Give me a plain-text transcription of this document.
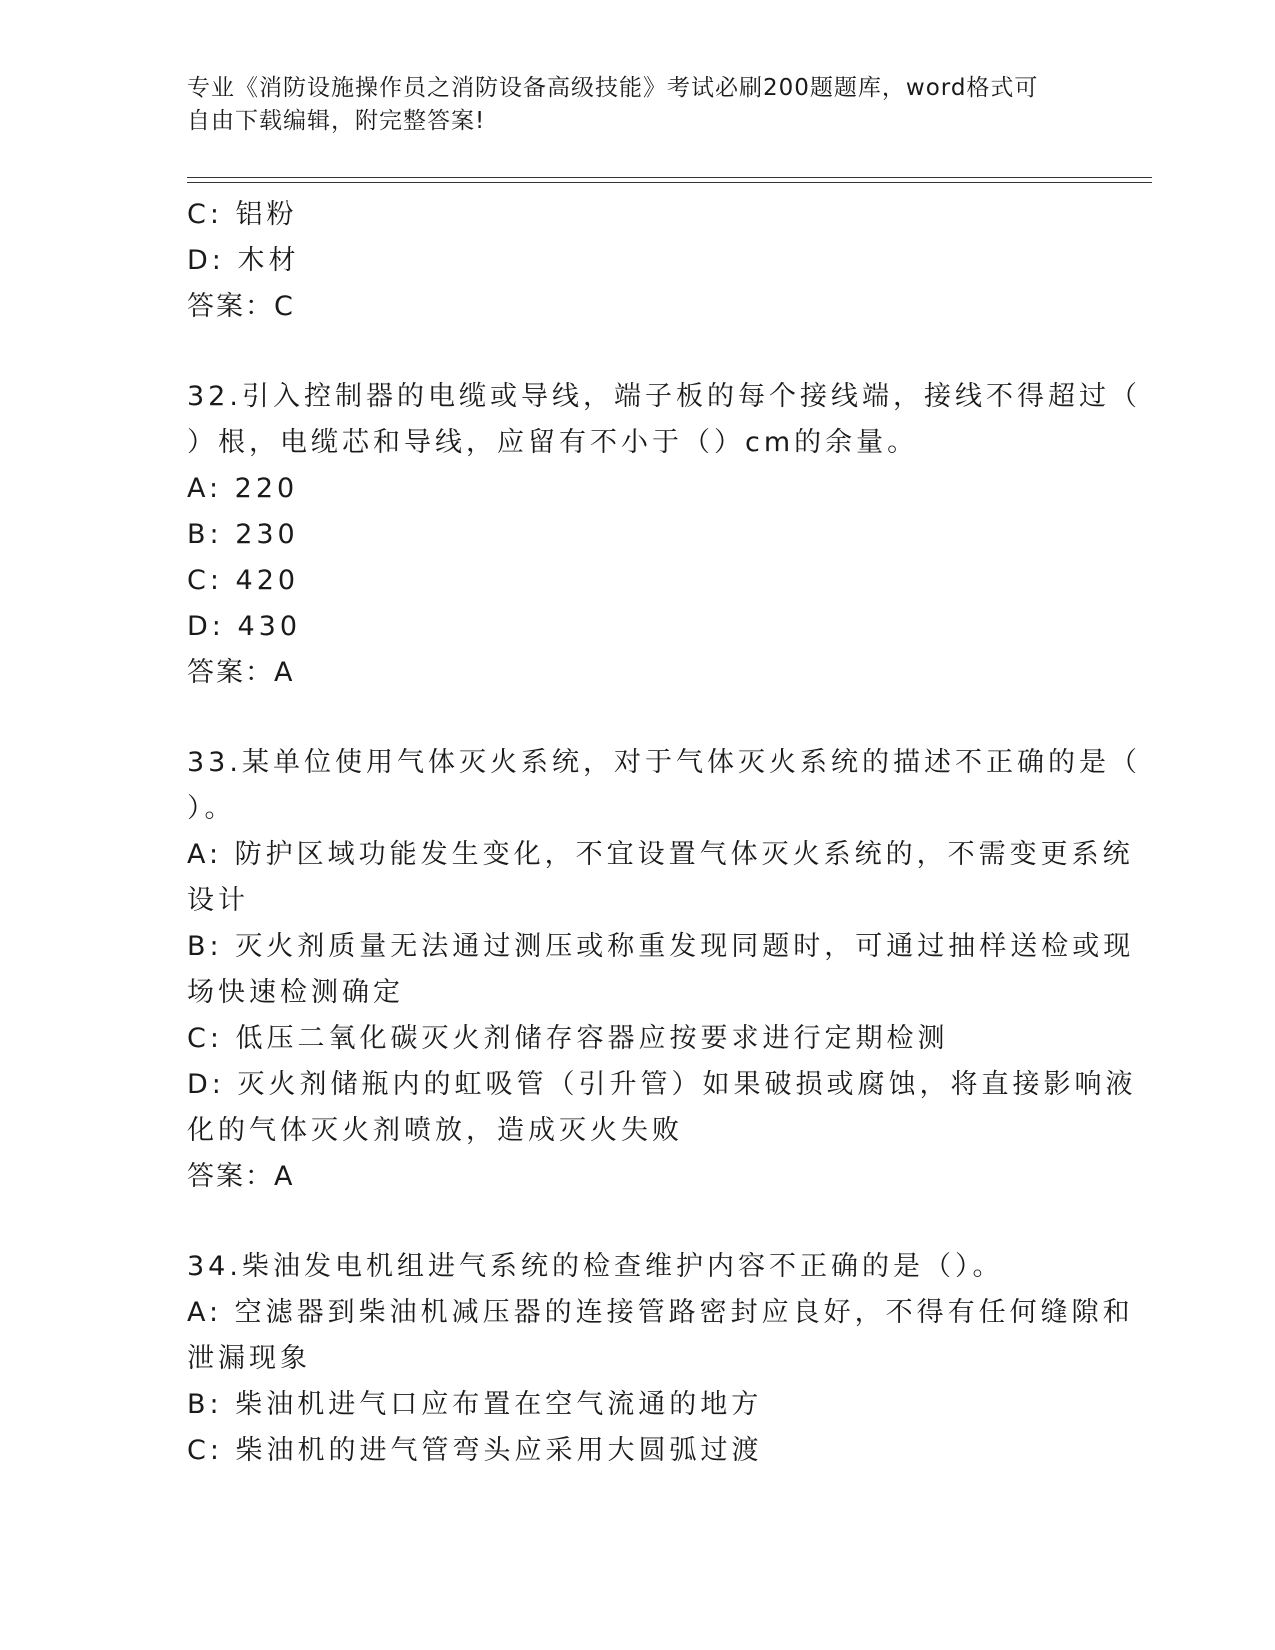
专业《消防设施操作员之消防设备高级技能》考试必刷200题题库，word格式可
自由下载编辑，附完整答案!
C: 铝粉
D: 木材
答案：C
32.引入控制器的电缆或导线，端子板的每个接线端，接线不得超过（
）根，电缆芯和导线，应留有不小于（）cm的余量。
A: 220
B: 230
C: 420
D: 430
答案：A
33.某单位使用气体灭火系统，对于气体灭火系统的描述不正确的是（
）。
A: 防护区域功能发生变化，不宜设置气体灭火系统的，不需变更系统
设计
B: 灭火剂质量无法通过测压或称重发现同题时，可通过抽样送检或现
场快速检测确定
C: 低压二氧化碳灭火剂储存容器应按要求进行定期检测
D: 灭火剂储瓶内的虹吸管（引升管）如果破损或腐蚀，将直接影响液
化的气体灭火剂喷放，造成灭火失败
答案：A
34.柴油发电机组进气系统的检查维护内容不正确的是（）。
A: 空滤器到柴油机减压器的连接管路密封应良好，不得有任何缝隙和
泄漏现象
B: 柴油机进气口应布置在空气流通的地方
C: 柴油机的进气管弯头应采用大圆弧过渡
